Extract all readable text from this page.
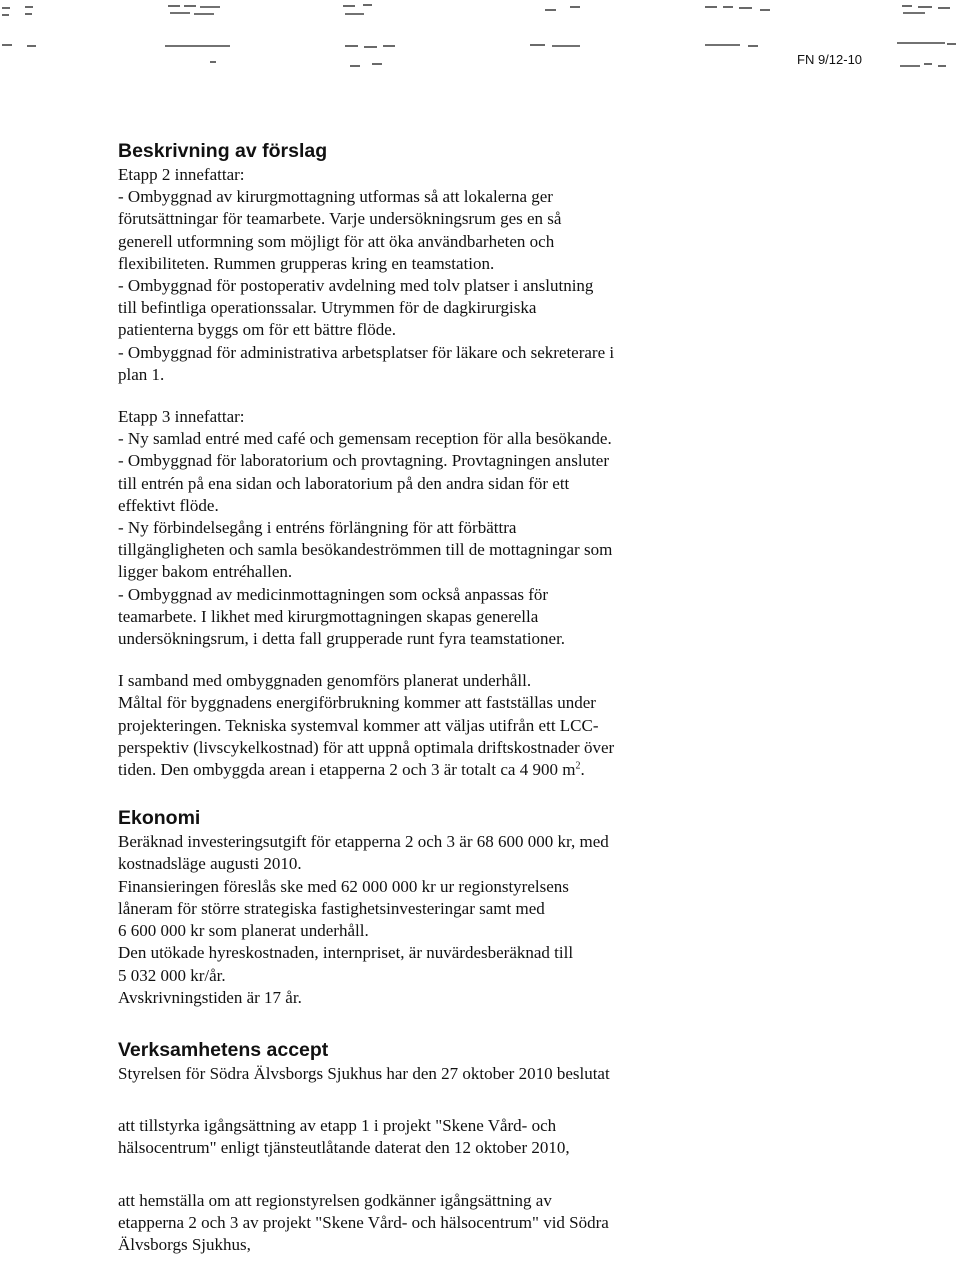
FN 9/12-10
Beskrivning av förslag

Etapp 2 innefattar:

- Ombyggnad av kirurgmottagning utformas så att lokalerna ger

förutsättningar för teamarbete. Varje undersökningsrum ges en så

generell utformning som möjligt för att öka användbarheten och

flexibiliteten. Rummen grupperas kring en teamstation.

- Ombyggnad för postoperativ avdelning med tolv platser i anslutning

till befintliga operationssalar. Utrymmen för de dagkirurgiska

patienterna byggs om för ett bättre flöde.

- Ombyggnad för administrativa arbetsplatser för läkare och sekreterare i

plan 1.

Etapp 3 innefattar:

- Ny samlad entré med café och gemensam reception för alla besökande.

- Ombyggnad för laboratorium och provtagning. Provtagningen ansluter

till entrén på ena sidan och laboratorium på den andra sidan för ett

effektivt flöde.

- Ny förbindelsegång i entréns förlängning för att förbättra

tillgängligheten och samla besökandeströmmen till de mottagningar som

ligger bakom entréhallen.

- Ombyggnad av medicinmottagningen som också anpassas för

teamarbete. I likhet med kirurgmottagningen skapas generella

undersökningsrum, i detta fall grupperade runt fyra teamstationer.

I samband med ombyggnaden genomförs planerat underhåll.

Måltal för byggnadens energiförbrukning kommer att fastställas under

projekteringen. Tekniska systemval kommer att väljas utifrån ett LCC-

perspektiv (livscykelkostnad) för att uppnå optimala driftskostnader över

tiden. Den ombyggda arean i etapperna 2 och 3 är totalt ca 4 900 $m^2$.

Ekonomi

Beräknad investeringsutgift för etapperna 2 och 3 är 68 600 000 kr, med

kostnadsläge augusti 2010.

Finansieringen föreslås ske med 62 000 000 kr ur regionstyrelsens

låneram för större strategiska fastighetsinvesteringar samt med

6 600 000 kr som planerat underhåll.

Den utökade hyreskostnaden, internpriset, är nuvärdesberäknad till

5 032 000 kr/år.

Avskrivningstiden är 17 år.

Verksamhetens accept

Styrelsen för Södra Älvsborgs Sjukhus har den 27 oktober 2010 beslutat

att tillstyrka igångsättning av etapp 1 i projekt "Skene Vård- och

hälsocentrum" enligt tjänsteutlåtande daterat den 12 oktober 2010,

att hemställa om att regionstyrelsen godkänner igångsättning av

etapperna 2 och 3 av projekt "Skene Vård- och hälsocentrum" vid Södra

Älvsborgs Sjukhus,
